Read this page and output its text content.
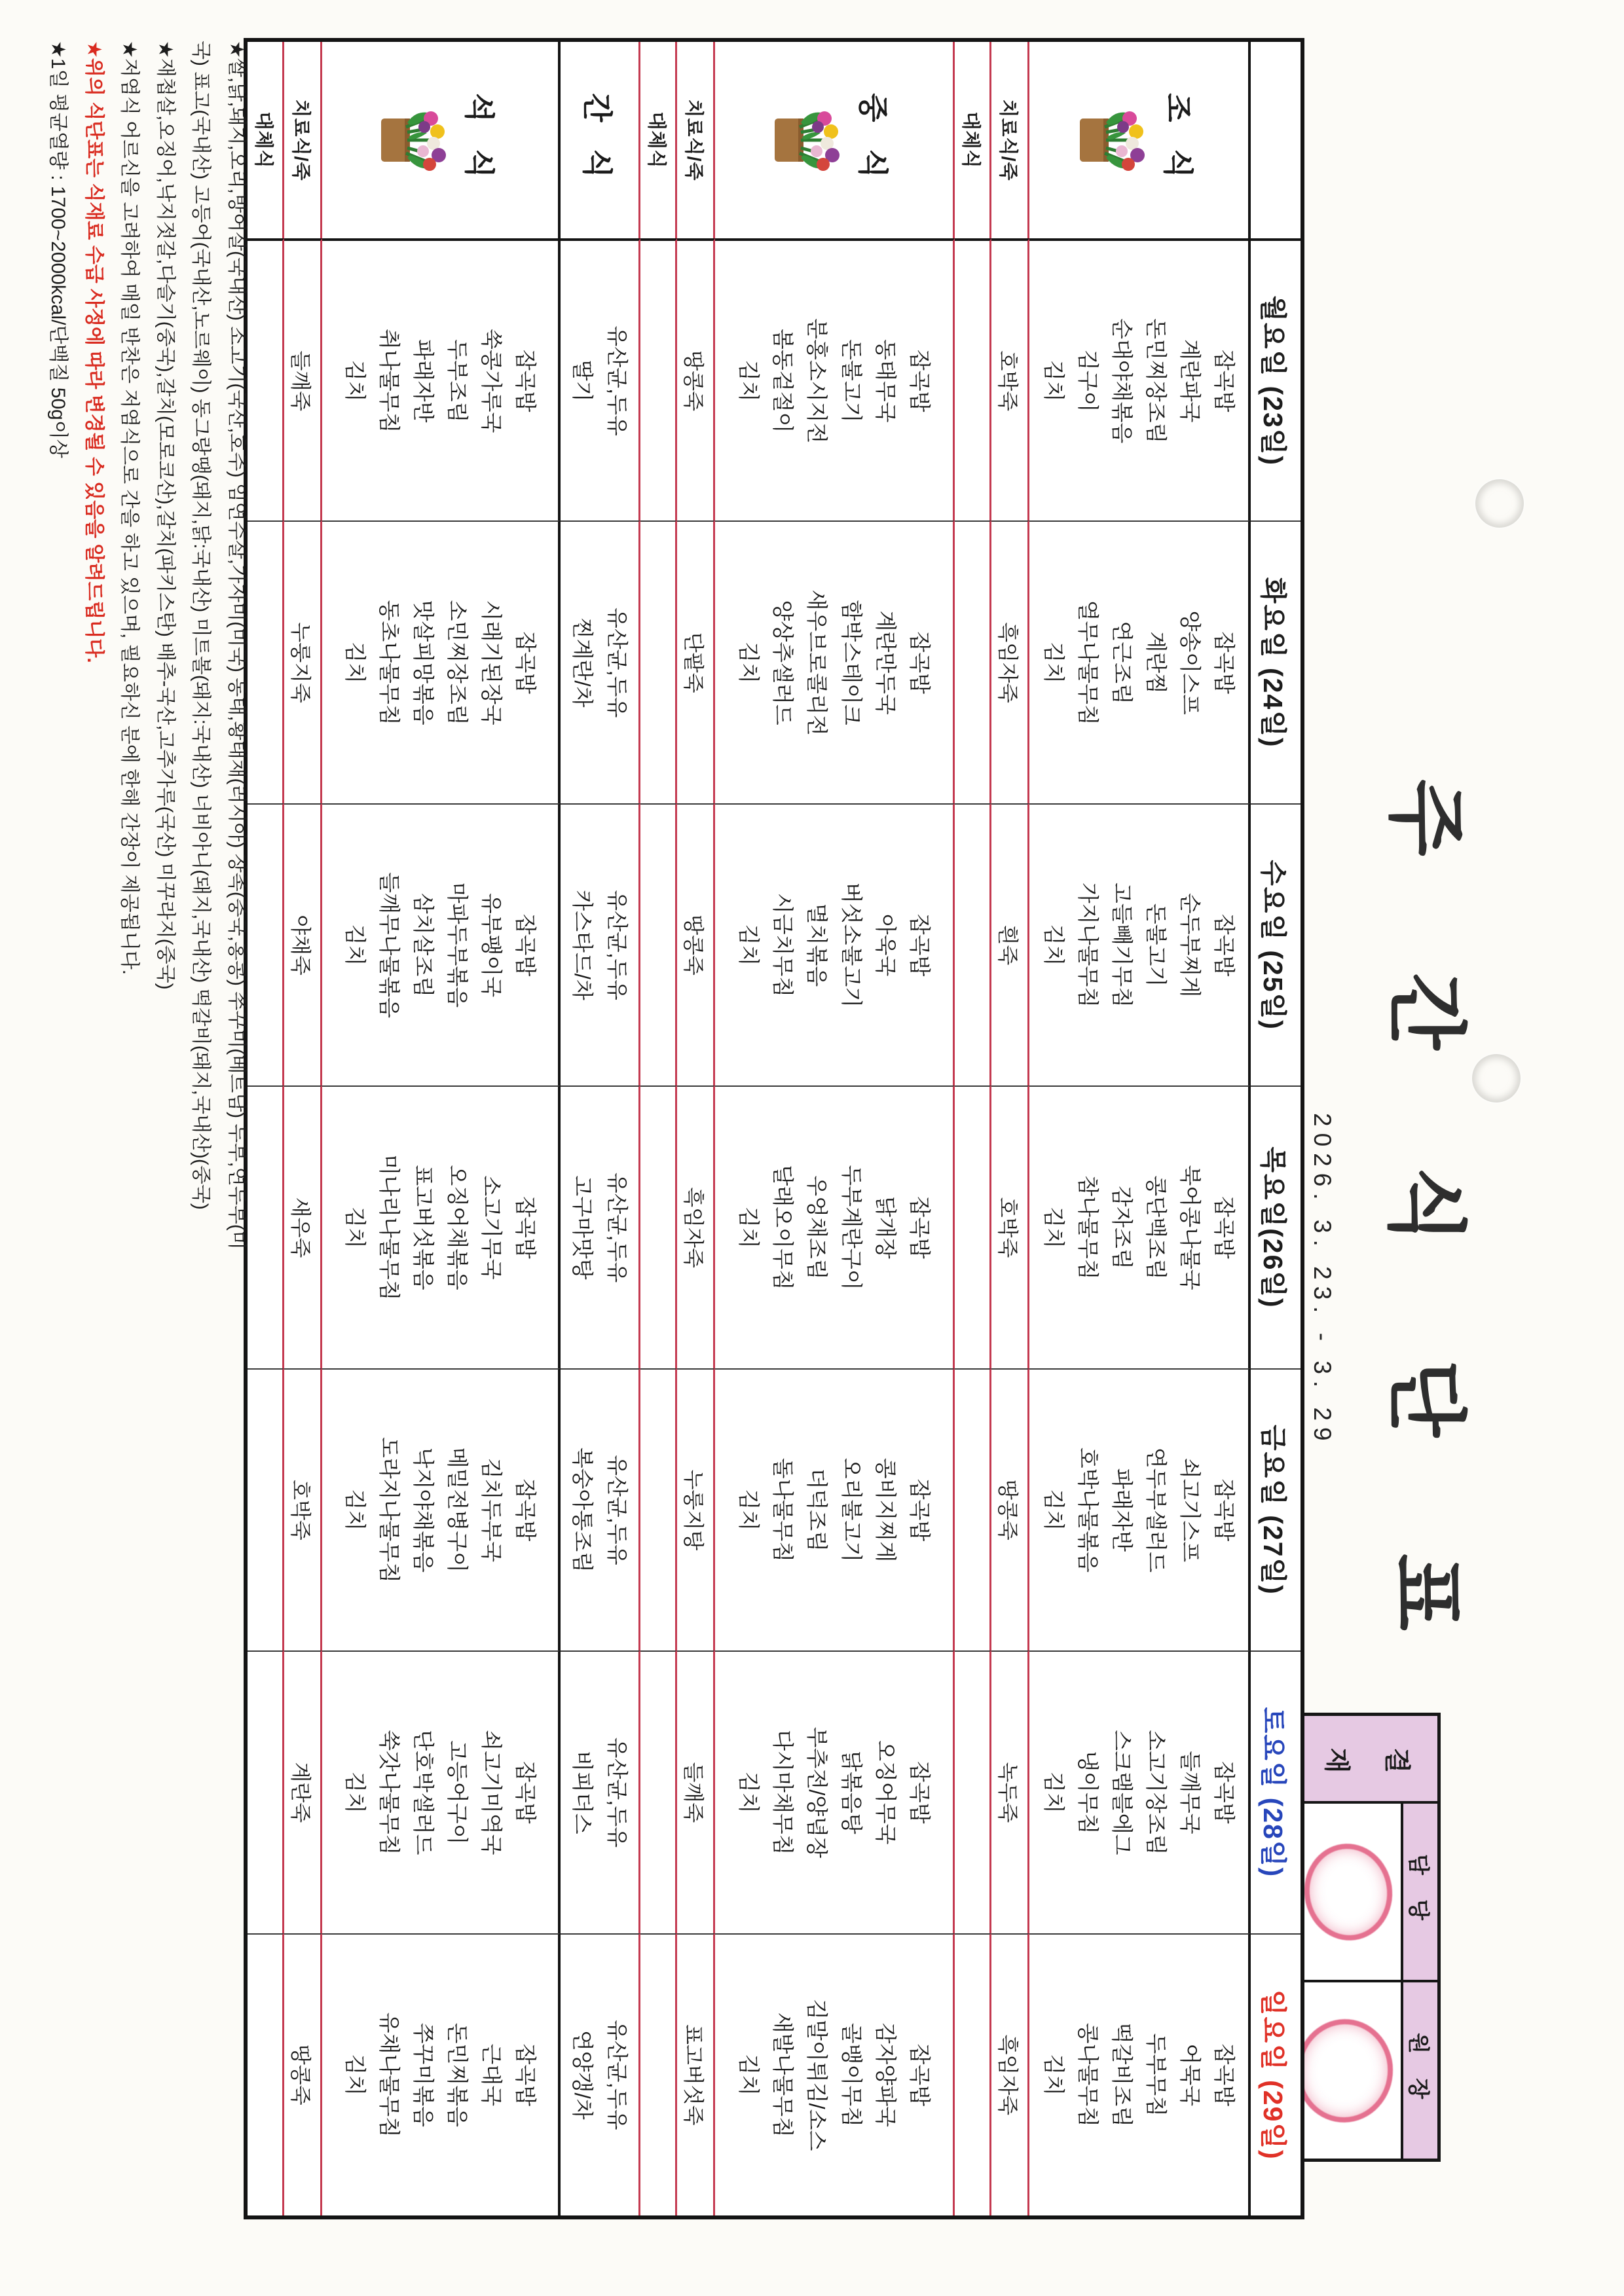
주 간 식 단 표
2026. 3. 23. - 3. 29
결 재
담 당
원 장
월요일 (23일)
화요일 (24일)
수요일 (25일)
목요일(26일)
금요일 (27일)
토요일 (28일)
일요일 (29일)
조 식
잡곡밥
계란파국
돈민찌장조림
순대야채볶음
김구이
김치
잡곡밥
양송이스프
계란찜
연근조림
열무나물무침
김치
잡곡밥
순두부찌게
돈불고기
고들빼기무침
가지나물무침
김치
잡곡밥
북어콩나물국
콩단백조림
감자조림
참나물무침
김치
잡곡밥
쇠고기스프
연두부샐러드
파래자반
호박나물볶음
김치
잡곡밥
들깨무국
소고기장조림
스크램블에그
냉이무침
김치
잡곡밥
어묵국
두부무침
떡갈비조림
콩나물무침
김치
치료식/죽
호박죽
흑임자죽
흰죽
호박죽
땅콩죽
녹두죽
흑임자죽
대체식
중 식
잡곡밥
동태무국
돈불고기
분홍소시지전
봄동겉절이
김치
잡곡밥
계란만두국
함박스테이크
새우브로콜리전
양상추샐러드
김치
잡곡밥
아욱국
버섯소불고기
멸치볶음
시금치무침
김치
잡곡밥
닭개장
두부계란구이
우엉채조림
달래오이무침
김치
잡곡밥
콩비지찌게
오리불고기
더덕조림
돌나물무침
김치
잡곡밥
오징어무국
닭볶음탕
부추전/양념장
다시마채무침
김치
잡곡밥
감자양파국
골뱅이무침
김말이튀김/소스
새발나물무침
김치
치료식/죽
땅콩죽
단팥죽
땅콩죽
흑임자죽
누룽지탕
들깨죽
표고버섯죽
대체식
간 식
유산균,두유
딸기
유산균,두유
찐계란/차
유산균,두유
카스타드/차
유산균,두유
고구마맛탕
유산균,두유
복숭아통조림
유산균,두유
비피더스
유산균,두유
연양갱/차
석 식
잡곡밥
쑥콩가루국
두부조림
파래자반
취나물무침
김치
잡곡밥
시래기된장국
소민찌장조림
맛살피망볶음
동초나물무침
김치
잡곡밥
유부팽이국
마파두부볶음
삼치살조림
들깨무나물볶음
김치
잡곡밥
소고기무국
오징어채볶음
표고버섯볶음
미나리나물무침
김치
잡곡밥
김치두부국
메밀전병구이
낙지야채볶음
도라지나물무침
김치
잡곡밥
쇠고기미역국
고등어구이
단호박샐러드
쑥갓나물무침
김치
잡곡밥
근대국
돈민찌볶음
쭈꾸미볶음
유채나물무침
김치
치료식/죽
들깨죽
누룽지죽
야채죽
새우죽
호박죽
계란죽
땅콩죽
대체식
★쌀,닭,돼지,오리,방어살(국내산) 소고기(국산,호주) 임연수살,가자미(미국) 동태,황태채(러시아) 장족(중국,홍콩) 쭈꾸미(베트남) 두부,연두부(미
국) 표고(국내산) 고등어(국내산,노르웨이) 동그랑땡(돼지,닭:국내산) 미트볼(돼지:국내산) 너비아니(돼지,국내산) 떡갈비(돼지,국내산)(중국)
★재첩살,오징어,낙지젓갈,다슬기(중국),갈치(모로코산),갈치(파키스탄) 배추-국산,고추가루(국산) 미꾸라지(중국)
★저염식 어르신을 고려하여 매일 반찬은 저염식으로 간을 하고 있으며, 필요하신 분에 한해 간장이 제공됩니다.
★위의 식단표는 식재료 수급 사정에 따라 변경될 수 있음을 알려드립니다.
★1일 평균열량 : 1700~2000kcal/단백질 50g이상
